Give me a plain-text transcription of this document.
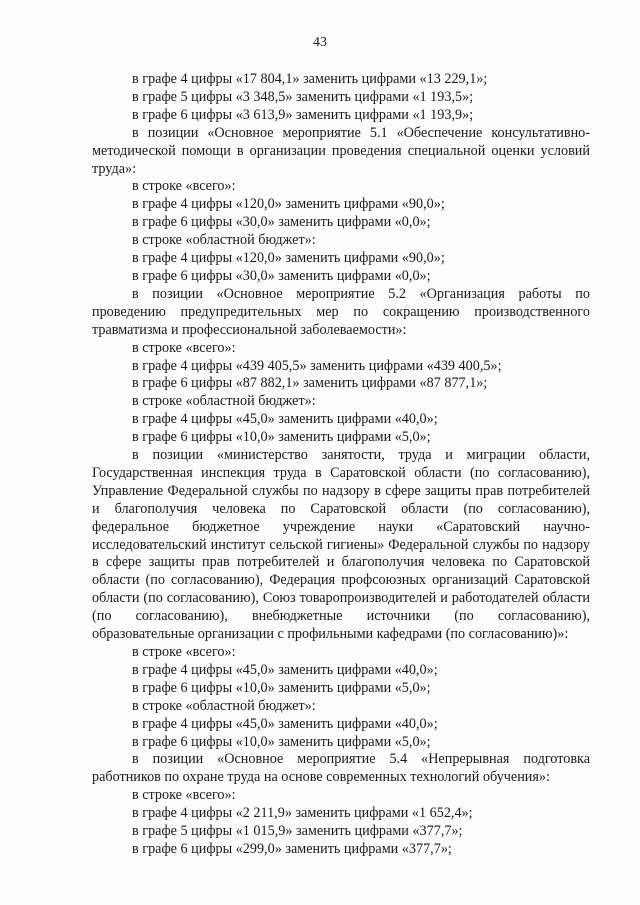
43

в графе 4 цифры «17 804,1» заменить цифрами «13 229,1»;

в графе 5 цифры «3 348,5» заменить цифрами «1 193,5»;

в графе 6 цифры «3 613,9» заменить цифрами «1 193,9»;

в позиции «Основное мероприятие 5.1 «Обеспечение консультативно-методической помощи в организации проведения специальной оценки условий труда»:

в строке «всего»:

в графе 4 цифры «120,0» заменить цифрами «90,0»;

в графе 6 цифры «30,0» заменить цифрами «0,0»;

в строке «областной бюджет»:

в графе 4 цифры «120,0» заменить цифрами «90,0»;

в графе 6 цифры «30,0» заменить цифрами «0,0»;

в позиции «Основное мероприятие 5.2 «Организация работы по проведению предупредительных мер по сокращению производственного травматизма и профессиональной заболеваемости»:

в строке «всего»:

в графе 4 цифры «439 405,5» заменить цифрами «439 400,5»;

в графе 6 цифры «87 882,1» заменить цифрами «87 877,1»;

в строке «областной бюджет»:

в графе 4 цифры «45,0» заменить цифрами «40,0»;

в графе 6 цифры «10,0» заменить цифрами «5,0»;

в позиции «министерство занятости, труда и миграции области, Государственная инспекция труда в Саратовской области (по согласованию), Управление Федеральной службы по надзору в сфере защиты прав потребителей и благополучия человека по Саратовской области (по согласованию), федеральное бюджетное учреждение науки «Саратовский научно-исследовательский институт сельской гигиены» Федеральной службы по надзору в сфере защиты прав потребителей и благополучия человека по Саратовской области (по согласованию), Федерация профсоюзных организаций Саратовской области (по согласованию), Союз товаропроизводителей и работодателей области (по согласованию), внебюджетные источники (по согласованию), образовательные организации с профильными кафедрами (по согласованию)»:

в строке «всего»:

в графе 4 цифры «45,0» заменить цифрами «40,0»;

в графе 6 цифры «10,0» заменить цифрами «5,0»;

в строке «областной бюджет»:

в графе 4 цифры «45,0» заменить цифрами «40,0»;

в графе 6 цифры «10,0» заменить цифрами «5,0»;

в позиции «Основное мероприятие 5.4 «Непрерывная подготовка работников по охране труда на основе современных технологий обучения»:

в строке «всего»:

в графе 4 цифры «2 211,9» заменить цифрами «1 652,4»;

в графе 5 цифры «1 015,9» заменить цифрами «377,7»;

в графе 6 цифры «299,0» заменить цифрами «377,7»;
